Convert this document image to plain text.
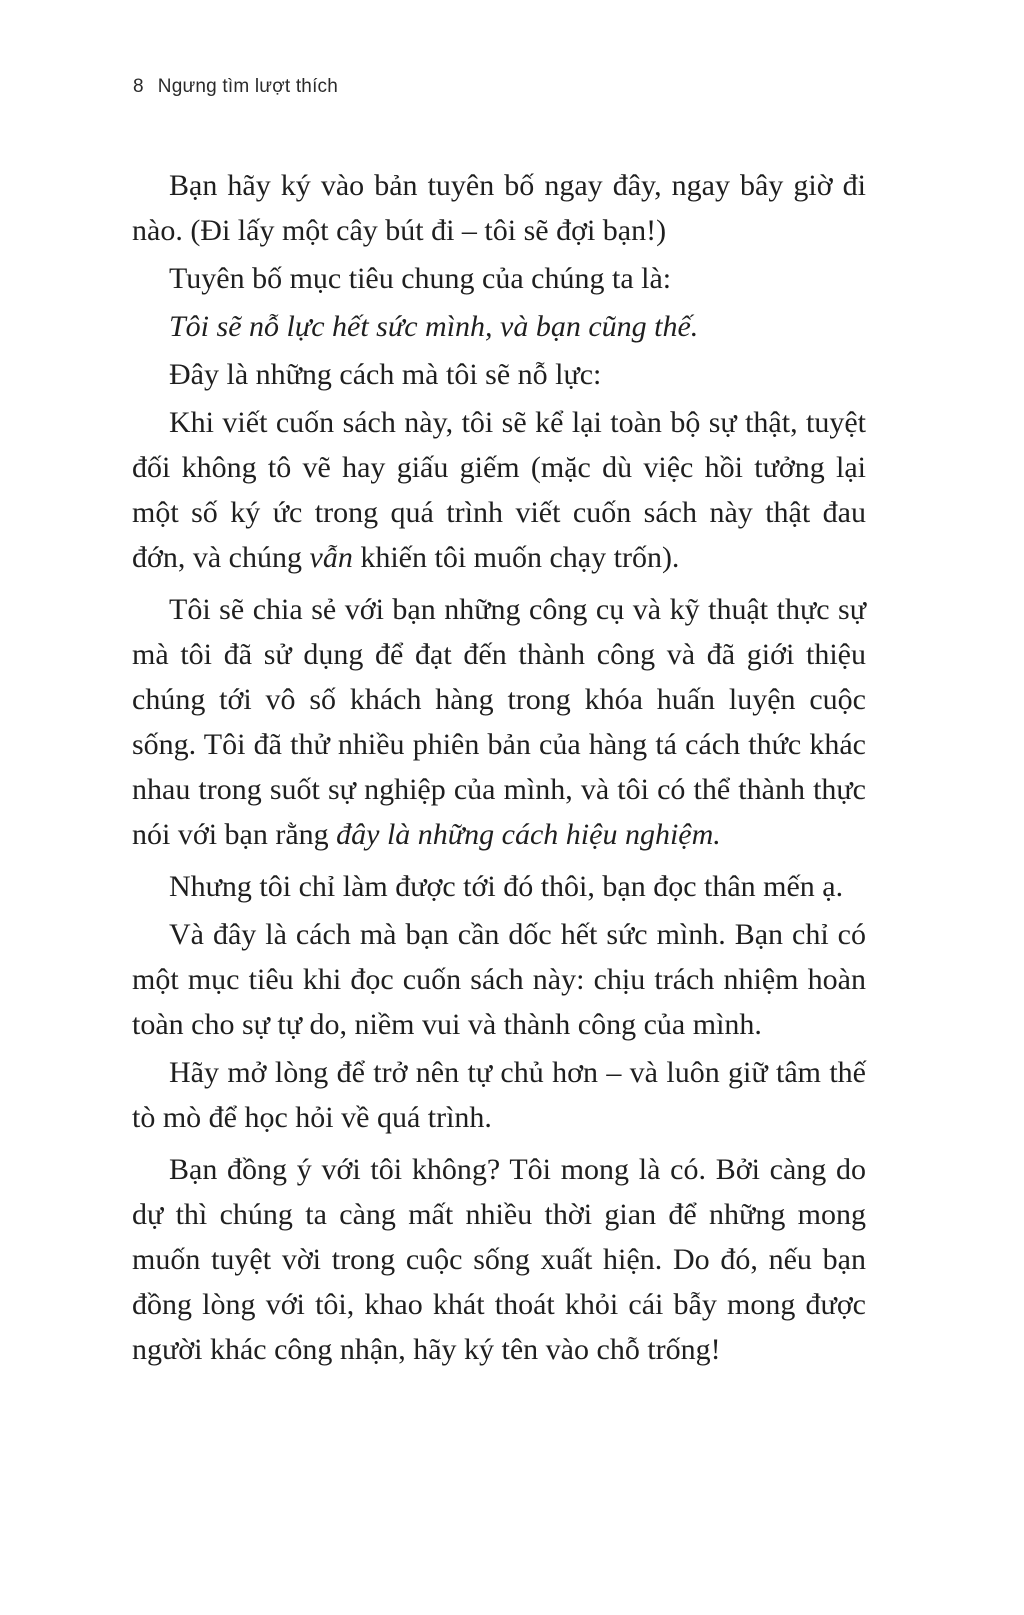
8 Ngưng tìm lượt thích

Bạn hãy ký vào bản tuyên bố ngay đây, ngay bây giờ đi nào. (Đi lấy một cây bút đi – tôi sẽ đợi bạn!)

Tuyên bố mục tiêu chung của chúng ta là:

Tôi sẽ nỗ lực hết sức mình, và bạn cũng thế.

Đây là những cách mà tôi sẽ nỗ lực:

Khi viết cuốn sách này, tôi sẽ kể lại toàn bộ sự thật, tuyệt đối không tô vẽ hay giấu giếm (mặc dù việc hồi tưởng lại một số ký ức trong quá trình viết cuốn sách này thật đau đớn, và chúng vẫn khiến tôi muốn chạy trốn).

Tôi sẽ chia sẻ với bạn những công cụ và kỹ thuật thực sự mà tôi đã sử dụng để đạt đến thành công và đã giới thiệu chúng tới vô số khách hàng trong khóa huấn luyện cuộc sống. Tôi đã thử nhiều phiên bản của hàng tá cách thức khác nhau trong suốt sự nghiệp của mình, và tôi có thể thành thực nói với bạn rằng đây là những cách hiệu nghiệm.

Nhưng tôi chỉ làm được tới đó thôi, bạn đọc thân mến ạ.

Và đây là cách mà bạn cần dốc hết sức mình. Bạn chỉ có một mục tiêu khi đọc cuốn sách này: chịu trách nhiệm hoàn toàn cho sự tự do, niềm vui và thành công của mình.

Hãy mở lòng để trở nên tự chủ hơn – và luôn giữ tâm thế tò mò để học hỏi về quá trình.

Bạn đồng ý với tôi không? Tôi mong là có. Bởi càng do dự thì chúng ta càng mất nhiều thời gian để những mong muốn tuyệt vời trong cuộc sống xuất hiện. Do đó, nếu bạn đồng lòng với tôi, khao khát thoát khỏi cái bẫy mong được người khác công nhận, hãy ký tên vào chỗ trống!
